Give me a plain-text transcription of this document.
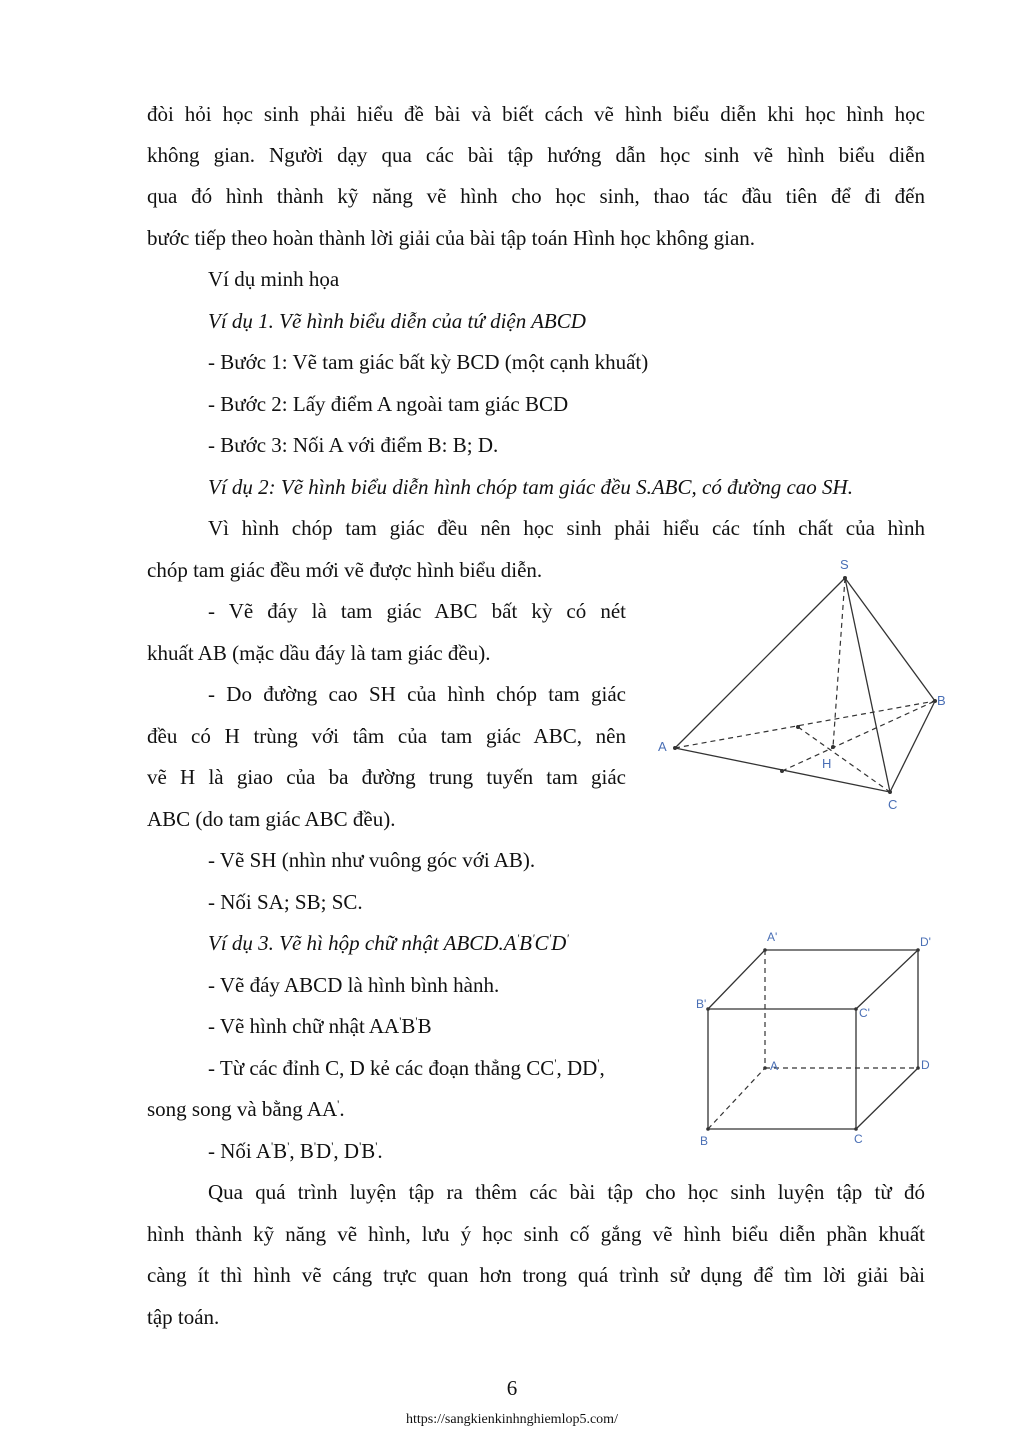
đòi hỏi học sinh phải hiểu đề bài và biết cách vẽ hình biểu diễn khi học hình học
không gian. Người dạy qua các bài tập hướng dẫn học sinh vẽ hình biểu diễn
qua đó hình thành kỹ năng vẽ hình cho học sinh, thao tác đầu tiên để đi đến
bước tiếp theo hoàn thành lời giải của bài tập toán Hình học không gian.
Ví dụ minh họa
Ví dụ 1. Vẽ hình biểu diễn của tứ diện ABCD
- Bước 1: Vẽ tam giác bất kỳ BCD (một cạnh khuất)
- Bước 2: Lấy điểm A ngoài tam giác BCD
- Bước 3: Nối A với điểm B: B; D.
Ví dụ 2: Vẽ hình biểu diễn hình chóp tam giác đều S.ABC, có đường cao SH.
Vì hình chóp tam giác đều nên học sinh phải hiểu các tính chất của hình
chóp tam giác đều mới vẽ được hình biểu diễn.
- Vẽ đáy là tam giác ABC bất kỳ có nét
khuất AB (mặc dầu đáy là tam giác đều).
- Do đường cao SH của hình chóp tam giác
đều có H trùng với tâm của tam giác ABC, nên
vẽ H là giao của ba đường trung tuyến tam giác
ABC (do tam giác ABC đều).
- Vẽ SH (nhìn như vuông góc với AB).
- Nối SA; SB; SC.
S
A
B
C
H
Ví dụ 3. Vẽ hì hộp chữ nhật ABCD.A'B'C'D'
- Vẽ đáy ABCD là hình bình hành.
- Vẽ hình chữ nhật AA'B'B
- Từ các đỉnh C, D kẻ các đoạn thẳng CC', DD',
song song và bằng AA'.
- Nối A'B', B'D', D'B'.
A'	D'
B'
C'
A	D
B	C
Qua quá trình luyện tập ra thêm các bài tập cho học sinh luyện tập từ đó
hình thành kỹ năng vẽ hình, lưu ý học sinh cố gắng vẽ hình biểu diễn phần khuất
càng ít thì hình vẽ cáng trực quan hơn trong quá trình sử dụng để tìm lời giải bài
tập toán.
6
https://sangkienkinhnghiemlop5.com/
